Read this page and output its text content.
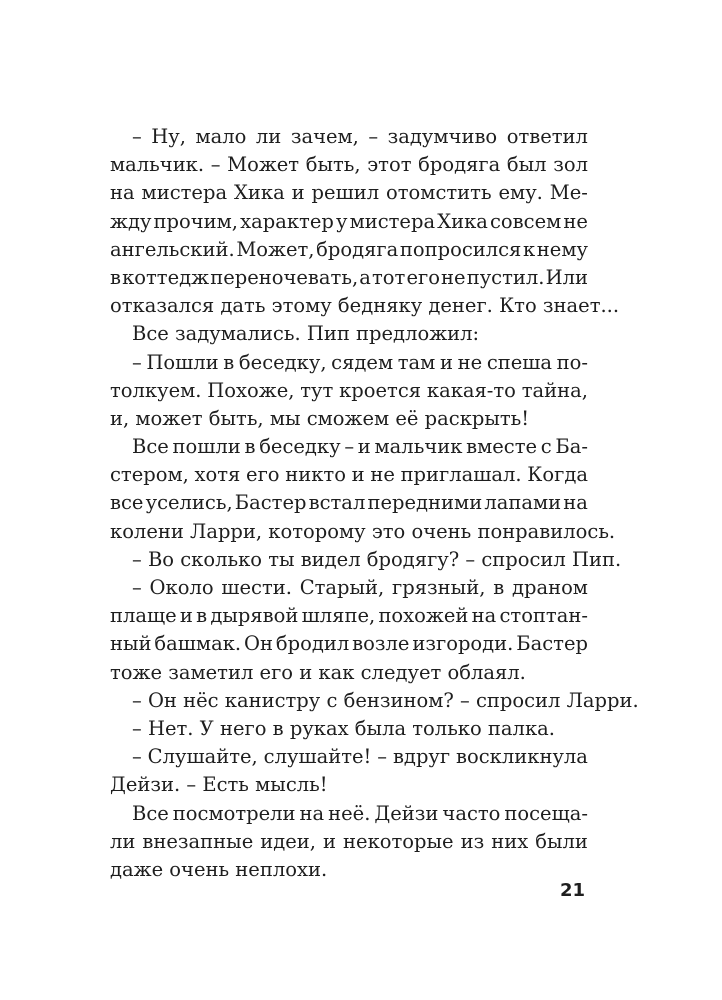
– Ну, мало ли зачем, – задумчиво ответил
мальчик. – Может быть, этот бродяга был зол
на мистера Хика и решил отомстить ему. Ме-
жду прочим, характер у мистера Хика совсем не
ангельский. Может, бродяга попросился к нему
в коттедж переночевать, а тот его не пустил. Или
отказался дать этому бедняку денег. Кто знает...
Все задумались. Пип предложил:
– Пошли в беседку, сядем там и не спеша по-
толкуем. Похоже, тут кроется какая-то тайна,
и, может быть, мы сможем её раскрыть!
Все пошли в беседку – и мальчик вместе с Ба-
стером, хотя его никто и не приглашал. Когда
все уселись, Бастер встал передними лапами на
колени Ларри, которому это очень понравилось.
– Во сколько ты видел бродягу? – спросил Пип.
– Около шести. Старый, грязный, в драном
плаще и в дырявой шляпе, похожей на стоптан-
ный башмак. Он бродил возле изгороди. Бастер
тоже заметил его и как следует облаял.
– Он нёс канистру с бензином? – спросил Ларри.
– Нет. У него в руках была только палка.
– Слушайте, слушайте! – вдруг воскликнула
Дейзи. – Есть мысль!
Все посмотрели на неё. Дейзи часто посеща-
ли внезапные идеи, и некоторые из них были
даже очень неплохи.
21
